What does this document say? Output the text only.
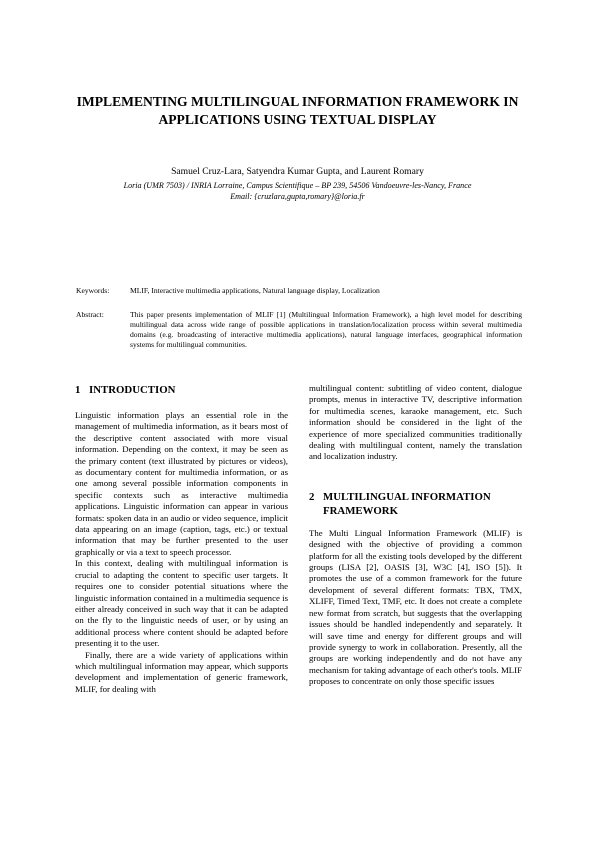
IMPLEMENTING MULTILINGUAL INFORMATION FRAMEWORK IN APPLICATIONS USING TEXTUAL DISPLAY
Samuel Cruz-Lara, Satyendra Kumar Gupta, and Laurent Romary
Loria (UMR 7503) / INRIA Lorraine, Campus Scientifique – BP 239, 54506 Vandoeuvre-les-Nancy, France
Email: {cruzlara,gupta,romary}@loria.fr
Keywords:	MLIF, Interactive multimedia applications, Natural language display, Localization
Abstract:	This paper presents implementation of MLIF [1] (Multilingual Information Framework), a high level model for describing multilingual data across wide range of possible applications in translation/localization process within several multimedia domains (e.g. broadcasting of interactive multimedia applications), natural language interfaces, geographical information systems for multilingual communities.
1 INTRODUCTION

Linguistic information plays an essential role in the management of multimedia information, as it bears most of the descriptive content associated with more visual information. Depending on the context, it may be seen as the primary content (text illustrated by pictures or videos), as documentary content for multimedia information, or as one among several possible information components in specific contexts such as interactive multimedia applications. Linguistic information can appear in various formats: spoken data in an audio or video sequence, implicit data appearing on an image (caption, tags, etc.) or textual information that may be further presented to the user graphically or via a text to speech processor.

In this context, dealing with multilingual information is crucial to adapting the content to specific user targets. It requires one to consider potential situations where the linguistic information contained in a multimedia sequence is either already conceived in such way that it can be adapted on the fly to the linguistic needs of user, or by using an additional process where content should be adapted before presenting it to the user.

Finally, there are a wide variety of applications within which multilingual information may appear, which supports development and implementation of generic framework, MLIF, for dealing with

multilingual content: subtitling of video content, dialogue prompts, menus in interactive TV, descriptive information for multimedia scenes, karaoke management, etc. Such information should be considered in the light of the experience of more specialized communities traditionally dealing with multilingual content, namely the translation and localization industry.

2 MULTILINGUAL INFORMATION FRAMEWORK

The Multi Lingual Information Framework (MLIF) is designed with the objective of providing a common platform for all the existing tools developed by the different groups (LISA [2], OASIS [3], W3C [4], ISO [5]). It promotes the use of a common framework for the future development of several different formats: TBX, TMX, XLIFF, Timed Text, TMF, etc. It does not create a complete new format from scratch, but suggests that the overlapping issues should be handled independently and separately. It will save time and energy for different groups and will provide synergy to work in collaboration. Presently, all the groups are working independently and do not have any mechanism for taking advantage of each other's tools. MLIF proposes to concentrate on only those specific issues
